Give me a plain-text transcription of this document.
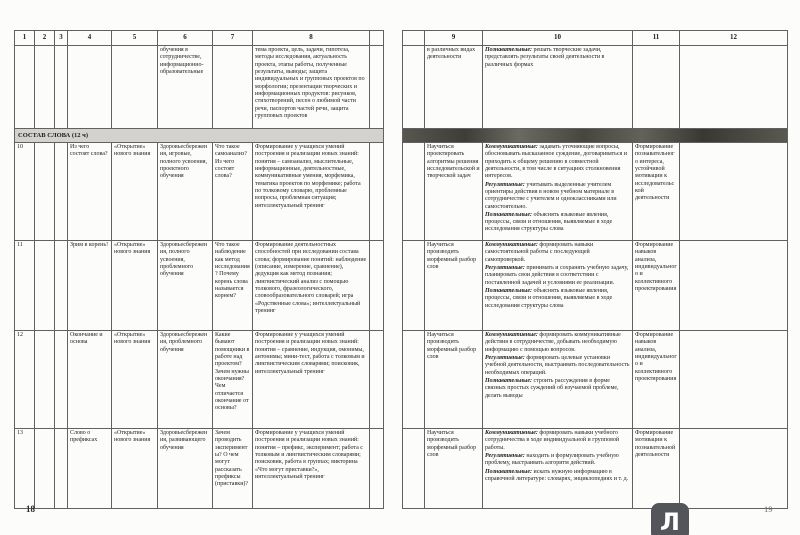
1	2	3	4	5	6	7	8	
					обучения в сотрудничестве, информационно-образовательные		тема проекта, цель, задачи, гипотеза, методы исследования, актуальность проекта, этапы работы, полученные результаты, выводы; защита индивидуальных и групповых проектов по морфологии; презентации творческих и информационных продуктов: рисунков, стихотворений, песен о любимой части речи, паспортов частей речи, защита групповых проектов	
СОСТАВ СЛОВА (12 ч)								
10			Из чего состоят слова?	«Открытие» нового знания	Здоровьесбережения, игровые, полного усвоения, проектного обучения	Что такое самоанализ? Из чего состоят слова?	Формирование у учащихся умений построения и реализации новых знаний: понятия – самоанализ, мыслительные, информационные, деятельностные, коммуникативные умения, морфемика, тематика проектов по морфемике; работа по толковому словарю, проблемные вопросы, проблемная ситуация; интеллектуальный тренинг	
11			Зрим в корень!	«Открытие» нового знания	Здоровьесбережения, полного усвоения, проблемного обучения	Что такое наблюдение как метод исследования? Почему корень слова называется корнем?	Формирование деятельностных способностей при исследовании состава слова; формирование понятий: наблюдение (описание, измерение, сравнение), дедукция как метод познания; лингвистический анализ с помощью толкового, фразеологического, словообразовательного словарей; игра «Родственные слова»; интеллектуальный тренинг	
12			Окончание и основа	«Открытие» нового знания	Здоровьесбережения, проблемного обучения	Какие бывают помощники в работе над проектом? Зачем нужны окончания? Чем отличается окончание от основы?	Формирование у учащихся умений построения и реализации новых знаний: понятия – сравнение, индукция, омонимы, антонимы; мини-тест, работа с толковым и лингвистическим словарями; поисковик, интеллектуальный тренинг	
13			Слово о префиксах	«Открытие» нового знания	Здоровьесбережения, развивающего обучения	Зачем проводить эксперименты? О чем могут рассказать префиксы (приставки)?	Формирование у учащихся умений построения и реализации новых знаний: понятия – префикс, эксперимент; работа с толковым и лингвистическим словарями; поисковик, работа в группах; викторина «Что могут приставки?», интеллектуальный тренинг	
	9	10	11	12
	в различных видах деятельности	Познавательные: решать творческие задачи, представлять результаты своей деятельности в различных формах		

	Научиться проектировать алгоритмы решения исследовательской и творческой задач	Коммуникативные: задавать уточняющие вопросы, обосновывать высказанное суждение, договариваться и приходить к общему решению в совместной деятельности, в том числе в ситуациях столкновения интересов.
Регулятивные: учитывать выделенные учителем ориентиры действия в новом учебном материале в сотрудничестве с учителем и одноклассниками или самостоятельно.
Познавательные: объяснять языковые явления, процессы, связи и отношения, выявляемые в ходе исследования структуры слова	Формирование познавательного интереса, устойчивой мотивации к исследовательской деятельности	
	Научиться производить морфемный разбор слов	Коммуникативные: формировать навыки самостоятельной работы с последующей самопроверкой.
Регулятивные: принимать и сохранять учебную задачу, планировать свои действия в соответствии с поставленной задачей и условиями ее реализации.
Познавательные: объяснять языковые явления, процессы, связи и отношения, выявляемые в ходе исследования структуры слова	Формирование навыков анализа, индивидуального и коллективного проектирования	
	Научиться производить морфемный разбор слов	Коммуникативные: формировать коммуникативные действия в сотрудничестве, добывать необходимую информацию с помощью вопросов.
Регулятивные: формировать целевые установки учебной деятельности, выстраивать последовательность необходимых операций.
Познавательные: строить рассуждения в форме связных простых суждений об изучаемой проблеме, делать выводы	Формирование навыков анализа, индивидуального и коллективного проектирования	
	Научиться производить морфемный разбор слов	Коммуникативные: формировать навыки учебного сотрудничества в ходе индивидуальной и групповой работы.
Регулятивные: находить и формулировать учебную проблему, выстраивать алгоритм действий.
Познавательные: искать нужную информацию в справочной литературе: словарях, энциклопедиях и т. д.	Формирование мотивации к познавательной деятельности	
18	19
Л
